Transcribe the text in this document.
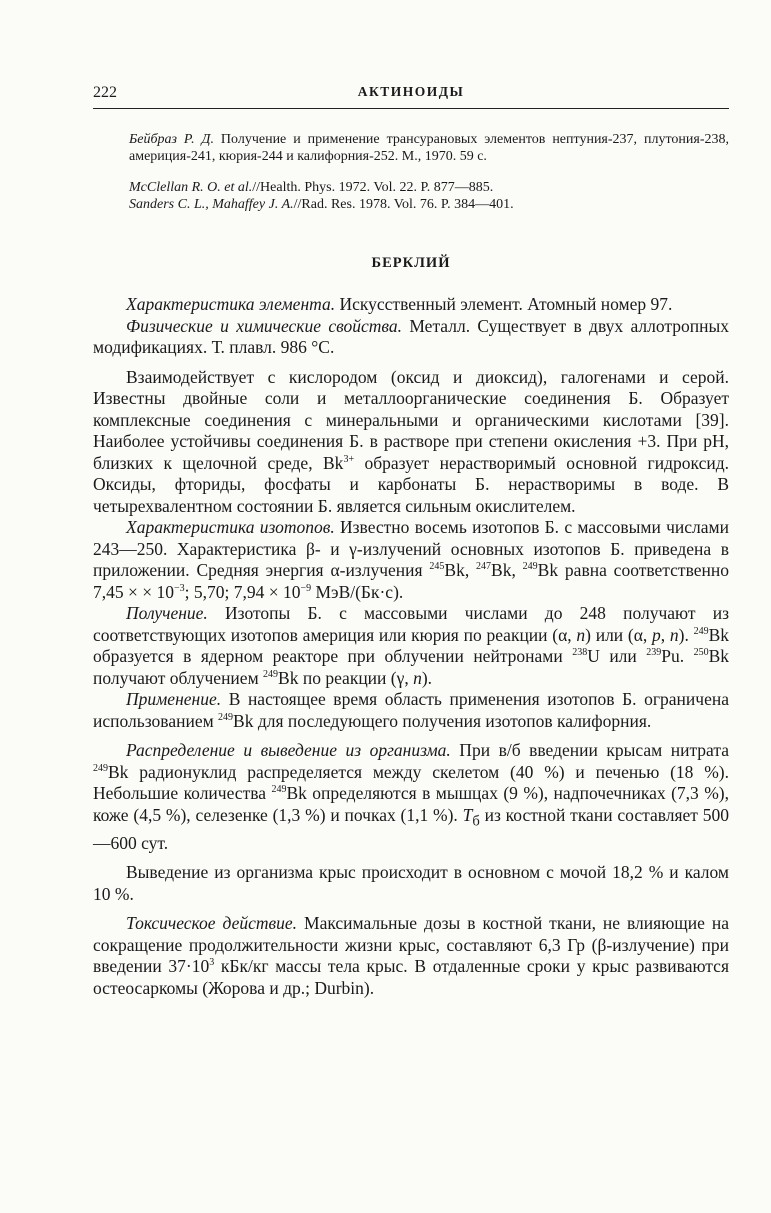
222	АКТИНОИДЫ

Бейбраз Р. Д. Получение и применение трансурановых элементов нептуния-237, плутония-238, америция-241, кюрия-244 и калифорния-252. М., 1970. 59 с.

McClellan R. O. et al.//Health. Phys. 1972. Vol. 22. P. 877—885.

Sanders C. L., Mahaffey J. A.//Rad. Res. 1978. Vol. 76. P. 384—401.

БЕРКЛИЙ

Характеристика элемента. Искусственный элемент. Атомный номер 97.

Физические и химические свойства. Металл. Существует в двух аллотропных модификациях. Т. плавл. 986 °С.

Взаимодействует с кислородом (оксид и диоксид), галогенами и серой. Известны двойные соли и металлоорганические соединения Б. Образует комплексные соединения с минеральными и органическими кислотами [39]. Наиболее устойчивы соединения Б. в растворе при степени окисления +3. При pH, близких к щелочной среде, $Bk^{3+}$ образует нерастворимый основной гидроксид. Оксиды, фториды, фосфаты и карбонаты Б. нерастворимы в воде. В четырехвалентном состоянии Б. является сильным окислителем.

Характеристика изотопов. Известно восемь изотопов Б. с массовыми числами 243—250. Характеристика β- и γ-излучений основных изотопов Б. приведена в приложении. Средняя энергия α-излучения $^{245}$Bk, $^{247}$Bk, $^{249}$Bk равна соответственно 7,45 × × $10^{-3}$; 5,70; $7,94 \times 10^{-9}$ МэВ/(Бк·с).

Получение. Изотопы Б. с массовыми числами до 248 получают из соответствующих изотопов америция или кюрия по реакции (α, n) или (α, p, n). $^{249}$Bk образуется в ядерном реакторе при облучении нейтронами $^{238}$U или $^{239}$Pu. $^{250}$Bk получают облучением $^{249}$Bk по реакции (γ, n).

Применение. В настоящее время область применения изотопов Б. ограничена использованием $^{249}$Bk для последующего получения изотопов калифорния.

Распределение и выведение из организма. При в/б введении крысам нитрата $^{249}$Bk радионуклид распределяется между скелетом (40 %) и печенью (18 %). Небольшие количества $^{249}$Bk определяются в мышцах (9 %), надпочечниках (7,3 %), коже (4,5 %), селезенке (1,3 %) и почках (1,1 %). $T_б$ из костной ткани составляет 500—600 сут.

Выведение из организма крыс происходит в основном с мочой 18,2 % и калом 10 %.

Токсическое действие. Максимальные дозы в костной ткани, не влияющие на сокращение продолжительности жизни крыс, составляют 6,3 Гр (β-излучение) при введении $37\cdot 10^3$ кБк/кг массы тела крыс. В отдаленные сроки у крыс развиваются остеосаркомы (Жорова и др.; Durbin).
